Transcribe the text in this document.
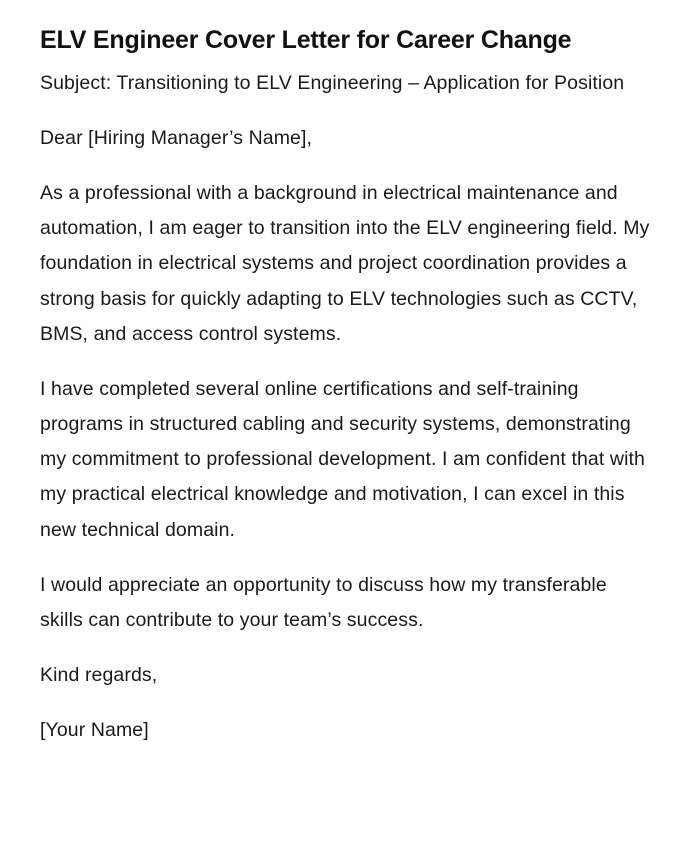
ELV Engineer Cover Letter for Career Change

Subject: Transitioning to ELV Engineering – Application for Position

Dear [Hiring Manager’s Name],

As a professional with a background in electrical maintenance and automation, I am eager to transition into the ELV engineering field. My foundation in electrical systems and project coordination provides a strong basis for quickly adapting to ELV technologies such as CCTV, BMS, and access control systems.

I have completed several online certifications and self-training programs in structured cabling and security systems, demonstrating my commitment to professional development. I am confident that with my practical electrical knowledge and motivation, I can excel in this new technical domain.

I would appreciate an opportunity to discuss how my transferable skills can contribute to your team’s success.

Kind regards,

[Your Name]
